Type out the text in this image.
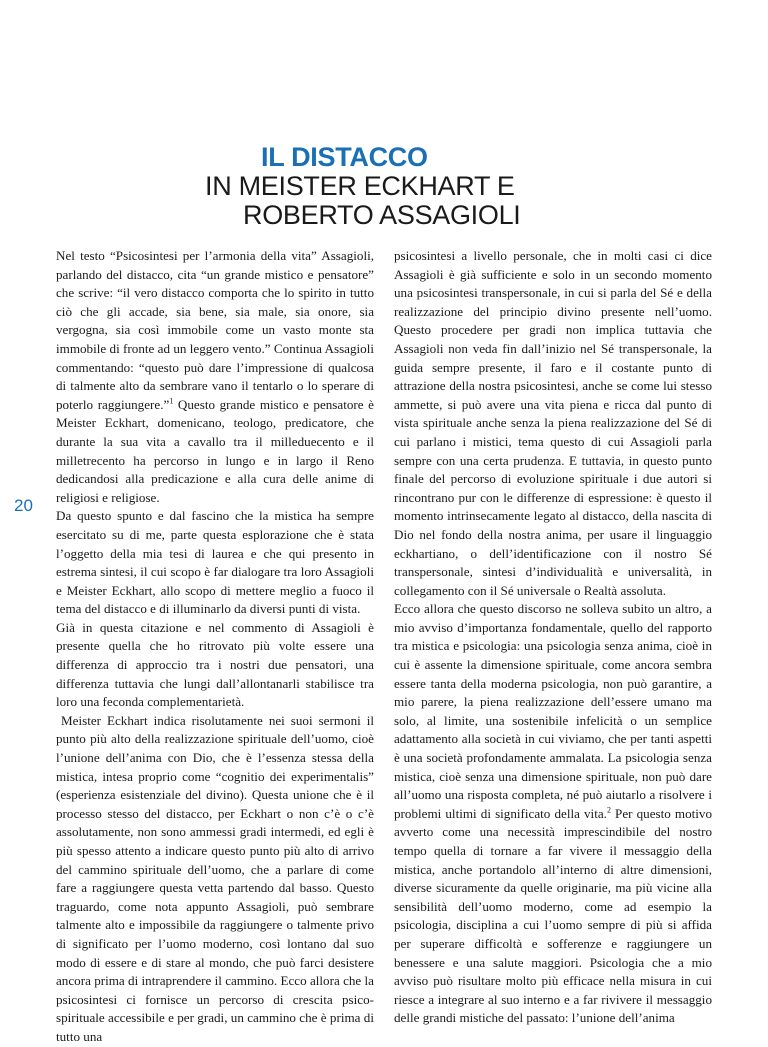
IL DISTACCO
IN MEISTER ECKHART E
ROBERTO ASSAGIOLI
20

Nel testo “Psicosintesi per l’armonia della vita” Assagioli, parlando del distacco, cita “un grande mistico e pensatore” che scrive: “il vero distacco comporta che lo spirito in tutto ciò che gli accade, sia bene, sia male, sia onore, sia vergogna, sia così immobile come un vasto monte sta immobile di fronte ad un leggero vento.” Continua Assagioli commentando: “questo può dare l’impressione di qualcosa di talmente alto da sembrare vano il tentarlo o lo sperare di poterlo raggiungere.”$^1$ Questo grande mistico e pensatore è Meister Eckhart, domenicano, teologo, predicatore, che durante la sua vita a cavallo tra il milleduecento e il milletrecento ha percorso in lungo e in largo il Reno dedicandosi alla predicazione e alla cura delle anime di religiosi e religiose.

Da questo spunto e dal fascino che la mistica ha sempre esercitato su di me, parte questa esplorazione che è stata l’oggetto della mia tesi di laurea e che qui presento in estrema sintesi, il cui scopo è far dialogare tra loro Assagioli e Meister Eckhart, allo scopo di mettere meglio a fuoco il tema del distacco e di illuminarlo da diversi punti di vista.

Già in questa citazione e nel commento di Assagioli è presente quella che ho ritrovato più volte essere una differenza di approccio tra i nostri due pensatori, una differenza tuttavia che lungi dall’allontanarli stabilisce tra loro una feconda complementarietà.

Meister Eckhart indica risolutamente nei suoi sermoni il punto più alto della realizzazione spirituale dell’uomo, cioè l’unione dell’anima con Dio, che è l’essenza stessa della mistica, intesa proprio come “cognitio dei experimentalis” (esperienza esistenziale del divino). Questa unione che è il processo stesso del distacco, per Eckhart o non c’è o c’è assolutamente, non sono ammessi gradi intermedi, ed egli è più spesso attento a indicare questo punto più alto di arrivo del cammino spirituale dell’uomo, che a parlare di come fare a raggiungere questa vetta partendo dal basso. Questo traguardo, come nota appunto Assagioli, può sembrare talmente alto e impossibile da raggiungere o talmente privo di significato per l’uomo moderno, così lontano dal suo modo di essere e di stare al mondo, che può farci desistere ancora prima di intraprendere il cammino. Ecco allora che la psicosintesi ci fornisce un percorso di crescita psico-spirituale accessibile e per gradi, un cammino che è prima di tutto una

psicosintesi a livello personale, che in molti casi ci dice Assagioli è già sufficiente e solo in un secondo momento una psicosintesi transpersonale, in cui si parla del Sé e della realizzazione del principio divino presente nell’uomo. Questo procedere per gradi non implica tuttavia che Assagioli non veda fin dall’inizio nel Sé transpersonale, la guida sempre presente, il faro e il costante punto di attrazione della nostra psicosintesi, anche se come lui stesso ammette, si può avere una vita piena e ricca dal punto di vista spirituale anche senza la piena realizzazione del Sé di cui parlano i mistici, tema questo di cui Assagioli parla sempre con una certa prudenza. E tuttavia, in questo punto finale del percorso di evoluzione spirituale i due autori si rincontrano pur con le differenze di espressione: è questo il momento intrinsecamente legato al distacco, della nascita di Dio nel fondo della nostra anima, per usare il linguaggio eckhartiano, o dell’identificazione con il nostro Sé transpersonale, sintesi d’individualità e universalità, in collegamento con il Sé universale o Realtà assoluta.

Ecco allora che questo discorso ne solleva subito un altro, a mio avviso d’importanza fondamentale, quello del rapporto tra mistica e psicologia: una psicologia senza anima, cioè in cui è assente la dimensione spirituale, come ancora sembra essere tanta della moderna psicologia, non può garantire, a mio parere, la piena realizzazione dell’essere umano ma solo, al limite, una sostenibile infelicità o un semplice adattamento alla società in cui viviamo, che per tanti aspetti è una società profondamente ammalata. La psicologia senza mistica, cioè senza una dimensione spirituale, non può dare all’uomo una risposta completa, né può aiutarlo a risolvere i problemi ultimi di significato della vita.$^2$ Per questo motivo avverto come una necessità imprescindibile del nostro tempo quella di tornare a far vivere il messaggio della mistica, anche portandolo all’interno di altre dimensioni, diverse sicuramente da quelle originarie, ma più vicine alla sensibilità dell’uomo moderno, come ad esempio la psicologia, disciplina a cui l’uomo sempre di più si affida per superare difficoltà e sofferenze e raggiungere un benessere e una salute maggiori. Psicologia che a mio avviso può risultare molto più efficace nella misura in cui riesce a integrare al suo interno e a far rivivere il messaggio delle grandi mistiche del passato: l’unione dell’anima
